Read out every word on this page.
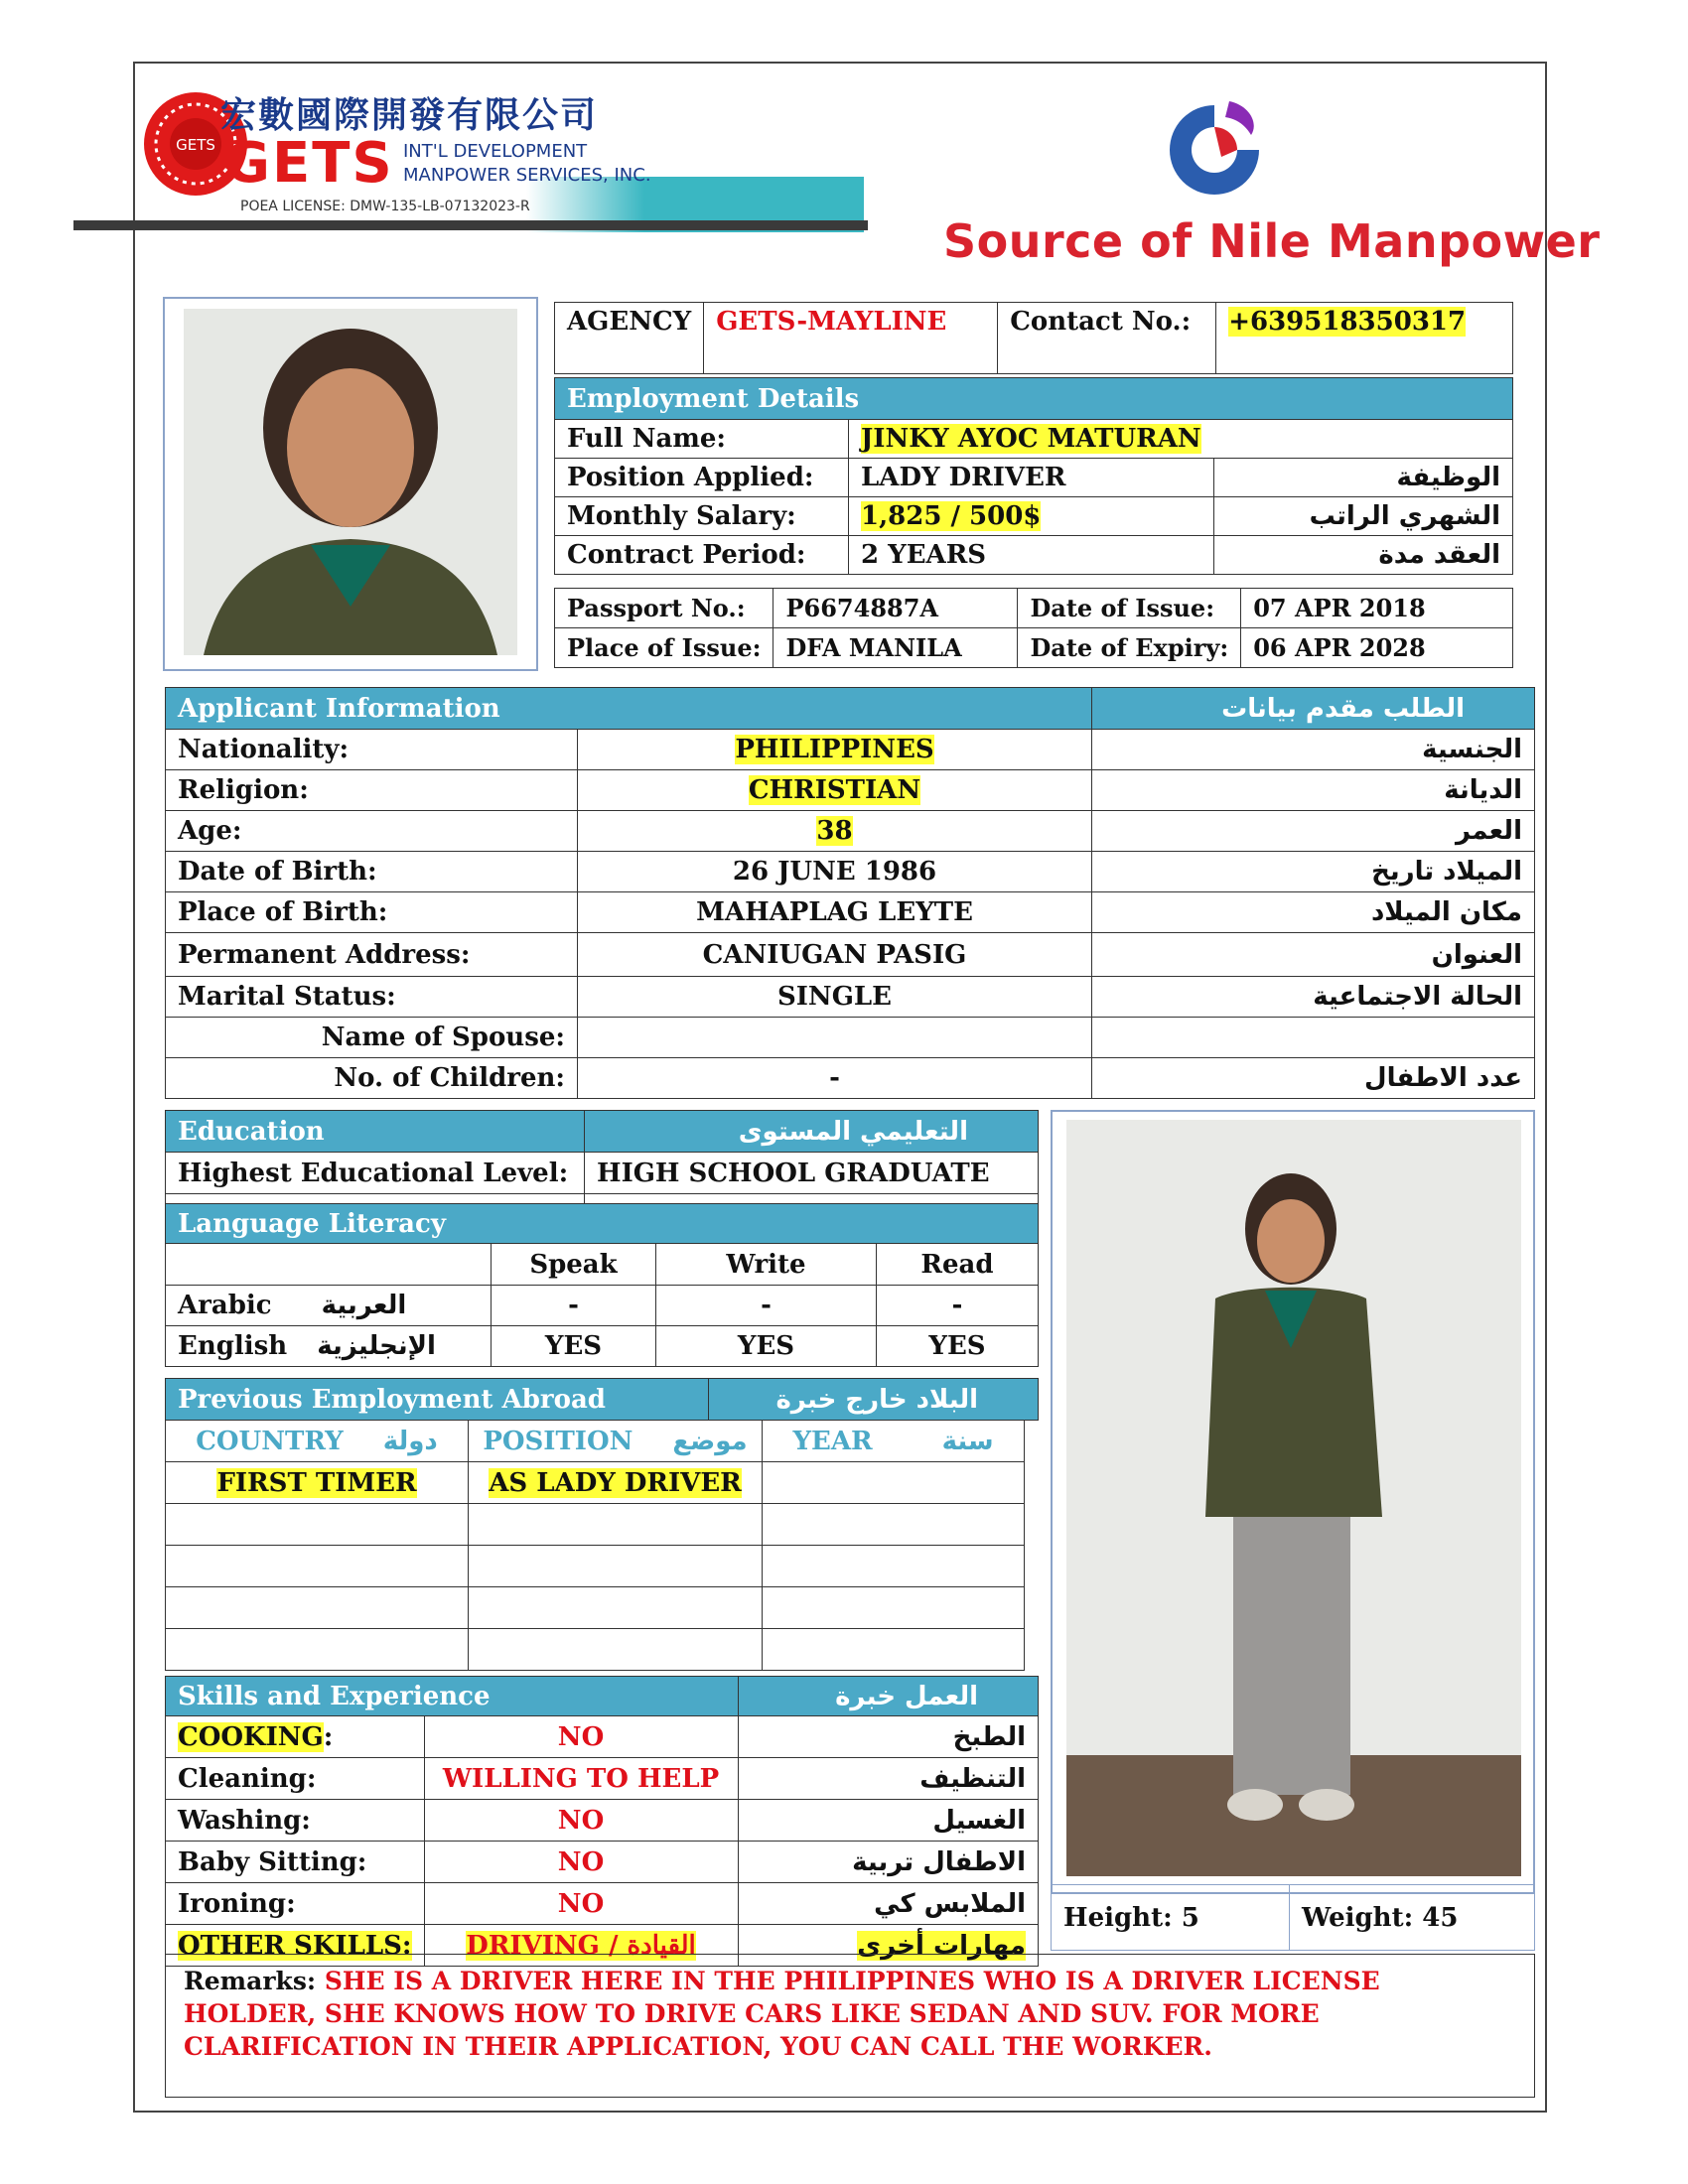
GETS
宏數國際開發有限公司
GETS INT'L DEVELOPMENT
MANPOWER SERVICES, INC.
POEA LICENSE: DMW-135-LB-07132023-R
Source of Nile Manpower
AGENCY	GETS-MAYLINE	Contact No.:	+639518350317
Employment Details		
Full Name:	JINKY AYOC MATURAN	
Position Applied:	LADY DRIVER	الوظيفة
Monthly Salary:	1,825 / 500$	الشهري الراتب
Contract Period:	2 YEARS	العقد مدة
Passport No.:	P6674887A	Date of Issue:	07 APR 2018
Place of Issue:	DFA MANILA	Date of Expiry:	06 APR 2028
Applicant Information		الطلب مقدم بيانات
Nationality:	PHILIPPINES	الجنسية
Religion:	CHRISTIAN	الديانة
Age:	38	العمر
Date of Birth:	26 JUNE 1986	الميلاد تاريخ
Place of Birth:	MAHAPLAG LEYTE	مكان الميلاد
Permanent Address:	CANIUGAN PASIG	العنوان
Marital Status:	SINGLE	الحالة الاجتماعية
Name of Spouse:		
No. of Children:	-	عدد الاطفال
Education	التعليمي المستوى
Highest Educational Level:	HIGH SCHOOL GRADUATE

Language Literacy			
	Speak	Write	Read
Arabic العربية	-	-	-
English الإنجليزية	YES	YES	YES
Previous Employment Abroad	البلاد خارج خبرة
COUNTRY دولة	POSITION موضع	YEAR سنة
FIRST TIMER	AS LADY DRIVER	

Skills and Experience		العمل خبرة
COOKING:	NO	الطبخ
Cleaning:	WILLING TO HELP	التنظيف
Washing:	NO	الغسيل
Baby Sitting:	NO	الاطفال تربية
Ironing:	NO	الملابس كي
OTHER SKILLS:	DRIVING / القيادة	مهارات أخرى
Height: 5	Weight: 45
Remarks: SHE IS A DRIVER HERE IN THE PHILIPPINES WHO IS A DRIVER LICENSE HOLDER, SHE KNOWS HOW TO DRIVE CARS LIKE SEDAN AND SUV. FOR MORE CLARIFICATION IN THEIR APPLICATION, YOU CAN CALL THE WORKER.
